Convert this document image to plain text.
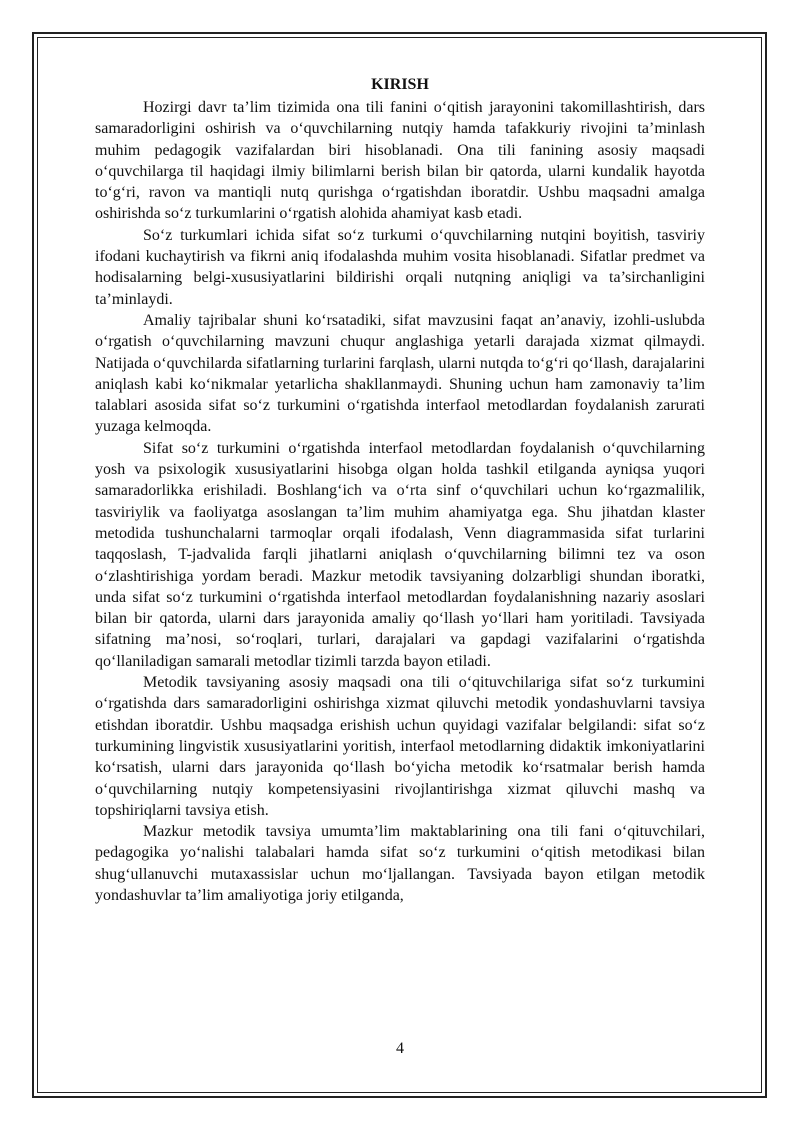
KIRISH

Hozirgi davr ta’lim tizimida ona tili fanini o‘qitish jarayonini takomillashtirish, dars samaradorligini oshirish va o‘quvchilarning nutqiy hamda tafakkuriy rivojini ta’minlash muhim pedagogik vazifalardan biri hisoblanadi. Ona tili fanining asosiy maqsadi o‘quvchilarga til haqidagi ilmiy bilimlarni berish bilan bir qatorda, ularni kundalik hayotda to‘g‘ri, ravon va mantiqli nutq qurishga o‘rgatishdan iboratdir. Ushbu maqsadni amalga oshirishda so‘z turkumlarini o‘rgatish alohida ahamiyat kasb etadi.

So‘z turkumlari ichida sifat so‘z turkumi o‘quvchilarning nutqini boyitish, tasviriy ifodani kuchaytirish va fikrni aniq ifodalashda muhim vosita hisoblanadi. Sifatlar predmet va hodisalarning belgi-xususiyatlarini bildirishi orqali nutqning aniqligi va ta’sirchanligini ta’minlaydi.

Amaliy tajribalar shuni ko‘rsatadiki, sifat mavzusini faqat an’anaviy, izohli-uslubda o‘rgatish o‘quvchilarning mavzuni chuqur anglashiga yetarli darajada xizmat qilmaydi. Natijada o‘quvchilarda sifatlarning turlarini farqlash, ularni nutqda to‘g‘ri qo‘llash, darajalarini aniqlash kabi ko‘nikmalar yetarlicha shakllanmaydi. Shuning uchun ham zamonaviy ta’lim talablari asosida sifat so‘z turkumini o‘rgatishda interfaol metodlardan foydalanish zarurati yuzaga kelmoqda.

Sifat so‘z turkumini o‘rgatishda interfaol metodlardan foydalanish o‘quvchilarning yosh va psixologik xususiyatlarini hisobga olgan holda tashkil etilganda ayniqsa yuqori samaradorlikka erishiladi. Boshlang‘ich va o‘rta sinf o‘quvchilari uchun ko‘rgazmalilik, tasviriylik va faoliyatga asoslangan ta’lim muhim ahamiyatga ega. Shu jihatdan klaster metodida tushunchalarni tarmoqlar orqali ifodalash, Venn diagrammasida sifat turlarini taqqoslash, T-jadvalida farqli jihatlarni aniqlash o‘quvchilarning bilimni tez va oson o‘zlashtirishiga yordam beradi. Mazkur metodik tavsiyaning dolzarbligi shundan iboratki, unda sifat so‘z turkumini o‘rgatishda interfaol metodlardan foydalanishning nazariy asoslari bilan bir qatorda, ularni dars jarayonida amaliy qo‘llash yo‘llari ham yoritiladi. Tavsiyada sifatning ma’nosi, so‘roqlari, turlari, darajalari va gapdagi vazifalarini o‘rgatishda qo‘llaniladigan samarali metodlar tizimli tarzda bayon etiladi.

Metodik tavsiyaning asosiy maqsadi ona tili o‘qituvchilariga sifat so‘z turkumini o‘rgatishda dars samaradorligini oshirishga xizmat qiluvchi metodik yondashuvlarni tavsiya etishdan iboratdir. Ushbu maqsadga erishish uchun quyidagi vazifalar belgilandi: sifat so‘z turkumining lingvistik xususiyatlarini yoritish, interfaol metodlarning didaktik imkoniyatlarini ko‘rsatish, ularni dars jarayonida qo‘llash bo‘yicha metodik ko‘rsatmalar berish hamda o‘quvchilarning nutqiy kompetensiyasini rivojlantirishga xizmat qiluvchi mashq va topshiriqlarni tavsiya etish.

Mazkur metodik tavsiya umumta’lim maktablarining ona tili fani o‘qituvchilari, pedagogika yo‘nalishi talabalari hamda sifat so‘z turkumini o‘qitish metodikasi bilan shug‘ullanuvchi mutaxassislar uchun mo‘ljallangan. Tavsiyada bayon etilgan metodik yondashuvlar ta’lim amaliyotiga joriy etilganda,

4
